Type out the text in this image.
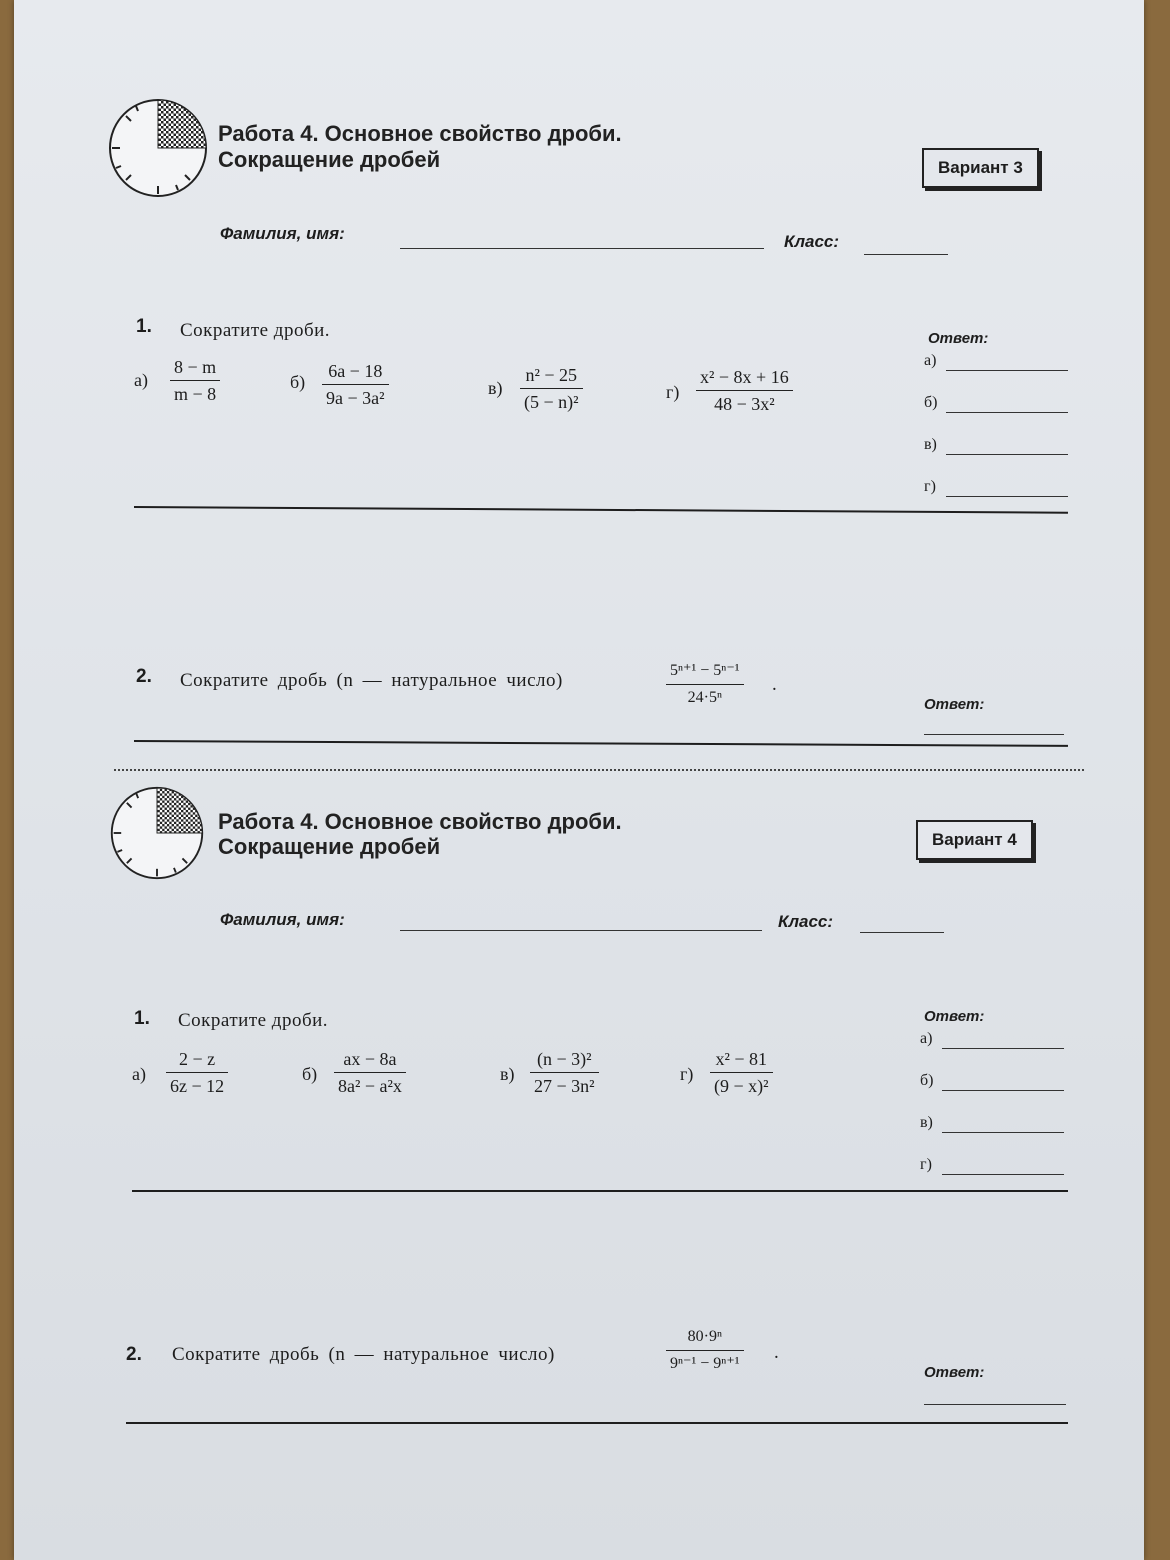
Работа 4. Основное свойство дроби.
Сокращение дробей	Вариант 3
Фамилия, имя:	Класс:
1. Сократите дроби.
а)
8 − m
m − 8
б)
6a − 18
9a − 3a²	в)
n² − 25
(5 − n)²	г)
x² − 8x + 16
48 − 3x²
Ответ:
а)
б)
в)
г)
2. Сократите дробь (n — натуральное число)	5ⁿ⁺¹ − 5ⁿ⁻¹
24·5ⁿ
.
Ответ:
Работа 4. Основное свойство дроби.
Сокращение дробей	Вариант 4
Фамилия, имя:	Класс:
1. Сократите дроби.
а)
2 − z
6z − 12
б)
ax − 8a
8a² − a²x
в)
(n − 3)²
27 − 3n²
г)
x² − 81
(9 − x)²
Ответ:
а)
б)
в)
г)
2. Сократите дробь (n — натуральное число)
80·9ⁿ
9ⁿ⁻¹ − 9ⁿ⁺¹
.
Ответ:
